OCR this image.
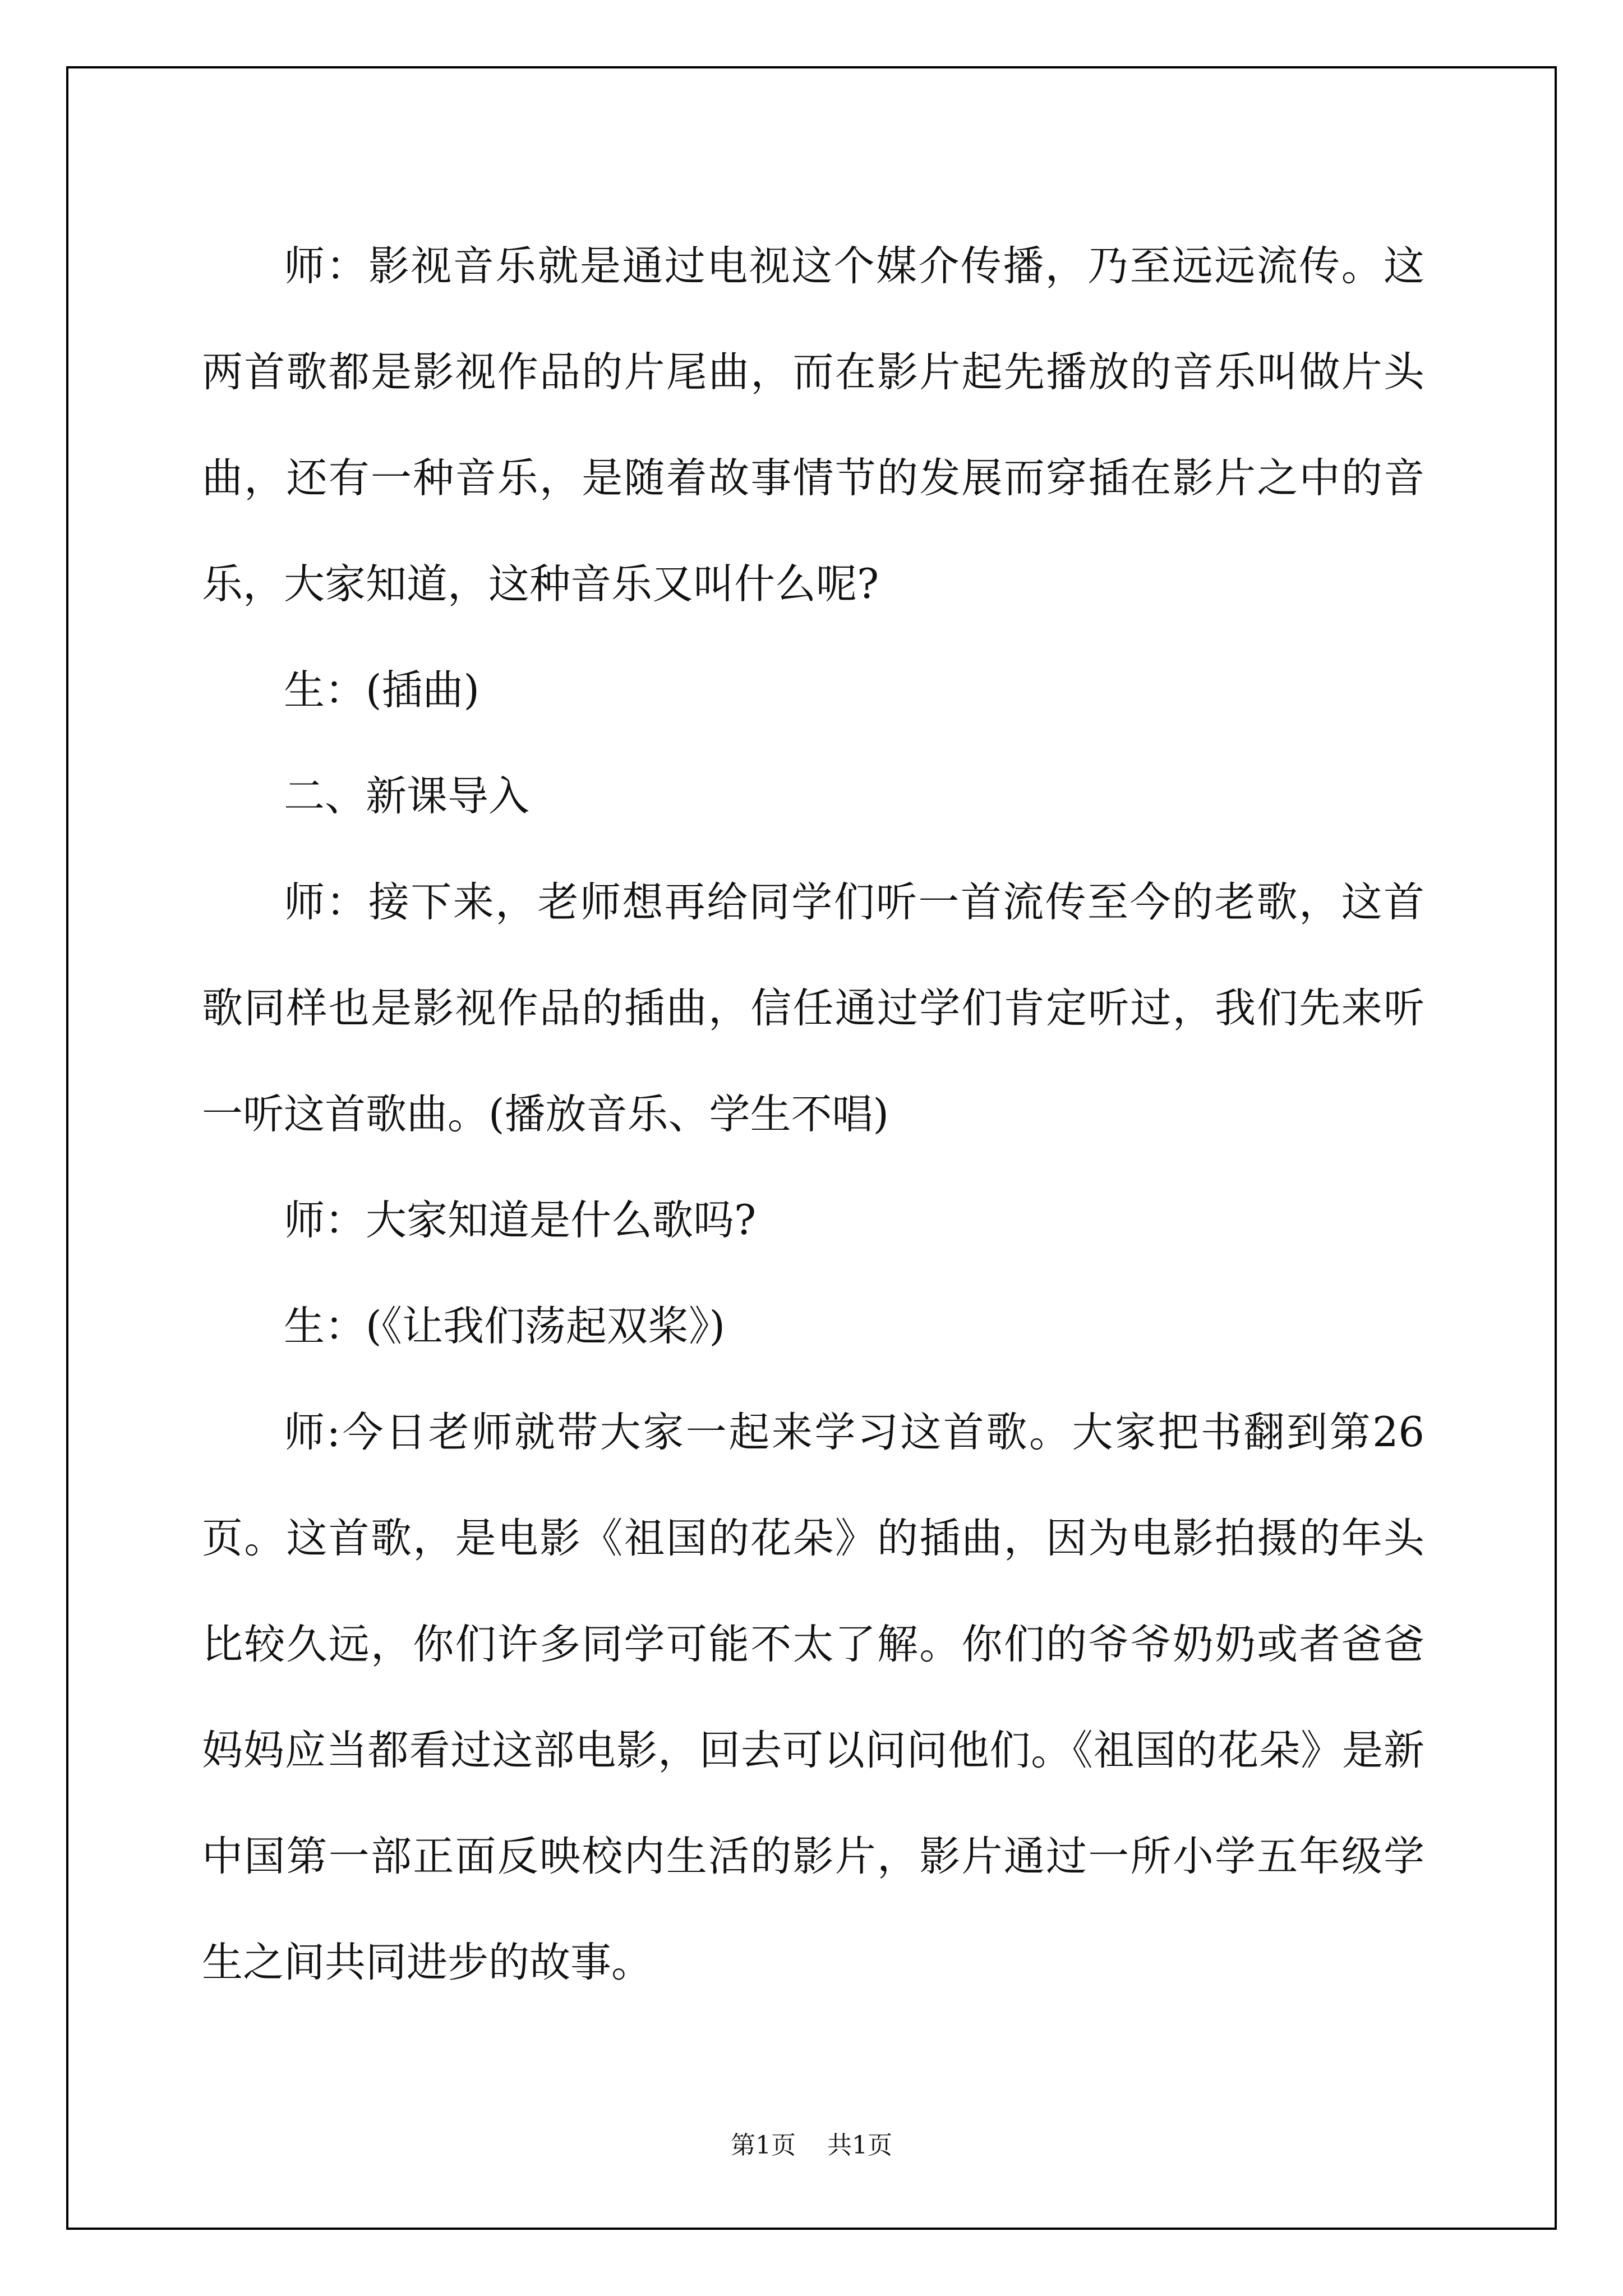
师：影视音乐就是通过电视这个媒介传播，乃至远远流传。这两首歌都是影视作品的片尾曲，而在影片起先播放的音乐叫做片头曲，还有一种音乐，是随着故事情节的发展而穿插在影片之中的音乐，大家知道，这种音乐又叫什么呢?

生：(插曲)

二、新课导入

师：接下来，老师想再给同学们听一首流传至今的老歌，这首歌同样也是影视作品的插曲，信任通过学们肯定听过，我们先来听一听这首歌曲。(播放音乐、学生不唱)

师：大家知道是什么歌吗?

生：(《让我们荡起双桨》)

师:今日老师就带大家一起来学习这首歌。大家把书翻到第26页。这首歌，是电影《祖国的花朵》的插曲，因为电影拍摄的年头比较久远，你们许多同学可能不太了解。你们的爷爷奶奶或者爸爸妈妈应当都看过这部电影，回去可以问问他们。《祖国的花朵》是新中国第一部正面反映校内生活的影片，影片通过一所小学五年级学生之间共同进步的故事。

第1页 共1页
